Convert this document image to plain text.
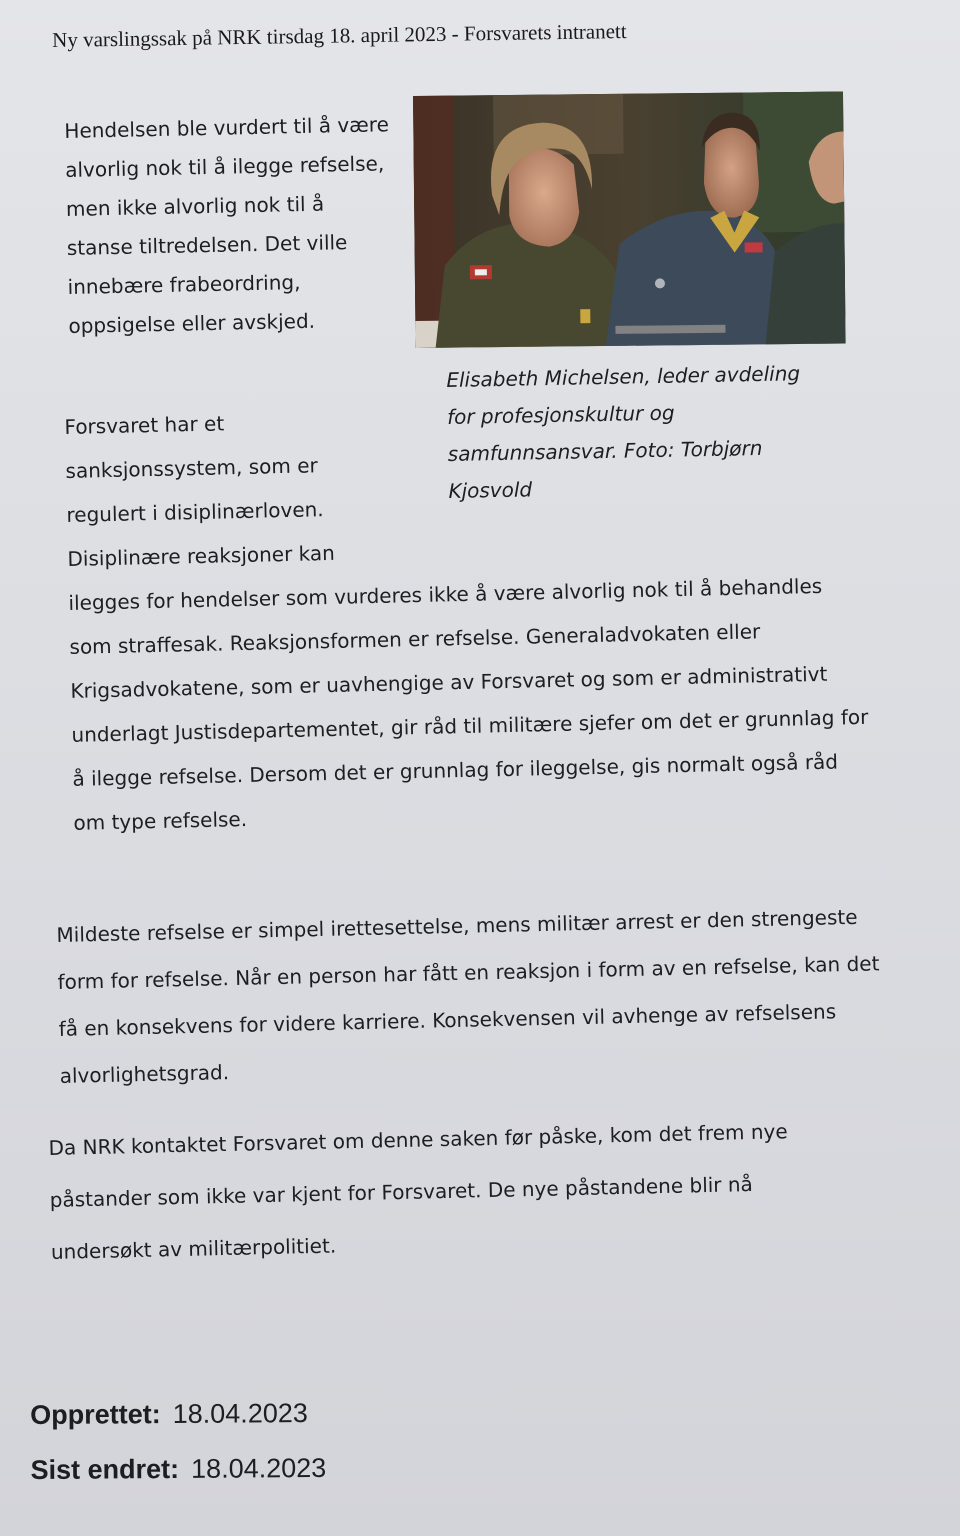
Ny varslingssak på NRK tirsdag 18. april 2023 - Forsvarets intranett

Hendelsen ble vurdert til å være alvorlig nok til å ilegge refselse, men ikke alvorlig nok til å stanse tiltredelsen. Det ville innebære frabeordring, oppsigelse eller avskjed.

Elisabeth Michelsen, leder avdeling for profesjonskultur og samfunnsansvar. Foto: Torbjørn Kjosvold

Forsvaret har et sanksjonssystem, som er regulert i disiplinærloven. Disiplinære reaksjoner kan
ilegges for hendelser som vurderes ikke å være alvorlig nok til å behandles som straffesak. Reaksjonsformen er refselse. Generaladvokaten eller Krigsadvokatene, som er uavhengige av Forsvaret og som er administrativt underlagt Justisdepartementet, gir råd til militære sjefer om det er grunnlag for å ilegge refselse. Dersom det er grunnlag for ileggelse, gis normalt også råd om type refselse.

Mildeste refselse er simpel irettesettelse, mens militær arrest er den strengeste form for refselse. Når en person har fått en reaksjon i form av en refselse, kan det få en konsekvens for videre karriere. Konsekvensen vil avhenge av refselsens alvorlighetsgrad.

Da NRK kontaktet Forsvaret om denne saken før påske, kom det frem nye påstander som ikke var kjent for Forsvaret. De nye påstandene blir nå undersøkt av militærpolitiet.

Opprettet: 18.04.2023
Sist endret: 18.04.2023
